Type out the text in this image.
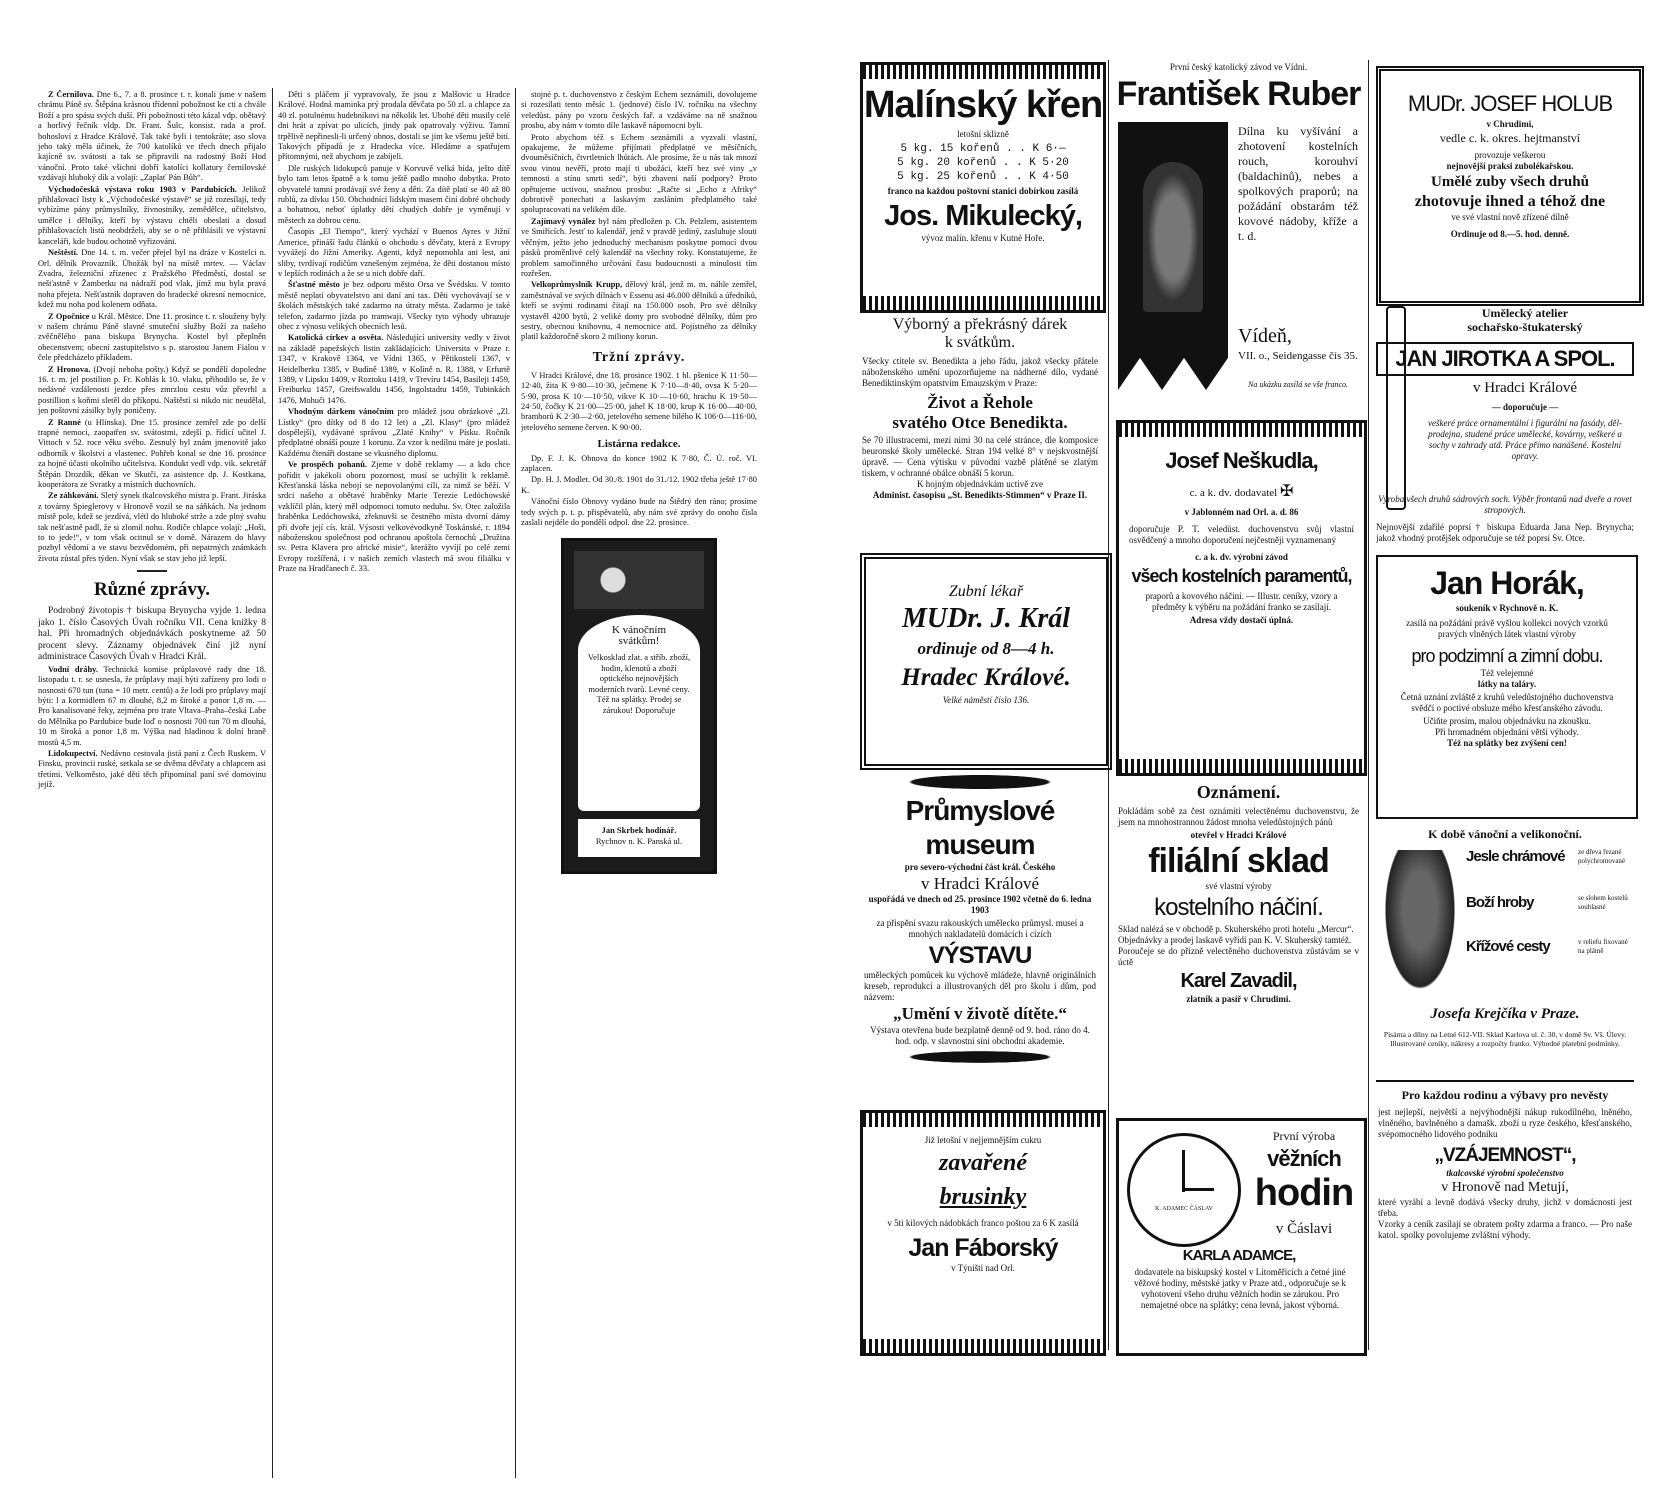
Z Černilova. Dne 6., 7. a 8. prosince t. r. konali jsme v našem chrámu Páně sv. Štěpána krásnou třídenní pobožnost ke cti a chvále Boží a pro spásu svých duší. Při pobožnosti této kázal vdp. obětavý a horlivý řečník vldp. Dr. Frant. Šulc, konsist. rada a prof. bohosloví z Hradce Králové. Tak také byli i tentokráte; aso slova jeho taký měla účinek, že 700 katolíků ve třech dnech přijalo kajícně sv. svátosti a tak se připravili na radostný Boží Hod vánoční. Proto také všichni dobří katolíci kollatury černilovské vzdávají hluboký dík a volají: „Zaplať Pán Bůh“.

Východočeská výstava roku 1903 v Pardubicích. Jelikož přihlašovací listy k „Východočeské výstavě“ se již rozesílají, tedy vybízíme pány průmyslníky, živnostníky, zemědělce, učitelstvo, umělce i dělníky, kteří by výstavu chtěli obeslati a dosud přihlašovacích listů neobdrželi, aby se o ně přihlásili ve výstavní kanceláři, kde budou ochotně vyřizováni.

Neštěstí. Dne 14. t. m. večer přejel byl na dráze v Kostelci n. Orl. dělník Provazník. Úbožák byl na místě mrtev. — Václav Zvadra, železniční zřízenec z Pražského Předměstí, dostal se nešťastně v Žamberku na nádraží pod vlak, jímž mu byla pravá noha přejeta. Nešťastník dopraven do hradecké okresní nemocnice, kdež mu noha pod kolenem odňata.

Z Opočnice u Král. Městce. Dne 11. prosince t. r. slouženy byly v našem chrámu Páně slavné smuteční služby Boží za našeho zvěčnělého pana biskupa Brynycha. Kostel byl přeplněn obecenstvem; obecní zastupitelstvo s p. starostou Janem Fialou v čele předcházelo příkladem.

Z Hronova. (Dvojí neboha pošty.) Když se pondělí dopoledne 16. t. m. jel postilion p. Fr. Koblás k 10. vlaku, přihodilo se, že v nedávné vzdálenosti jezdce přes zmrzlou cestu vůz převrhl a postillion s koňmi sletěl do příkopu. Naštěstí si nikdo nic neudělal, jen poštovní zásilky byly poničeny.

Z Ranné (u Hlinska). Dne 15. prosince zemřel zde po delší trapné nemoci, zaopatřen sv. svátostmi, zdejší p. řídící učitel J. Vittoch v 52. roce věku svého. Zesnulý byl znám jmenovitě jako odborník v školství a vlastenec. Pohřeb konal se dne 16. prosince za hojné účasti okolního učitelstva. Kondukt vedl vdp. vik. sekretář Štěpán Drozdík, děkan ve Skutči, za asistence dp. J. Kostkana, kooperátora ze Svratky a místních duchovních.

Ze záhkování. Sletý synek tkalcovského mistra p. Frant. Jiráska z továrny Spieglerovy v Hronově vozil se na sáňkách. Na jednom místě pole, kdež se jezdívá, vlétl do hluboké strže a zde plný svahu tak nešťastně padl, že si zlomil nohu. Rodiče chlapce volají: „Hoši, to to jede!“, v tom však ocitnul se v domě. Nárazem do hlavy pozbyl vědomí a ve stavu bezvědomém, při nepatrných známkách života zůstal přes týden. Nyní však se stav jeho již lepší.

Různé zprávy.

Podrobný životopis † biskupa Brynycha vyjde 1. ledna jako 1. číslo Časových Úvah ročníku VII. Cena knížky 8 hal. Při hromadných objednávkách poskytneme až 50 procent slevy. Záznamy objednávek činí již nyní administrace Časových Úvah v Hradci Král.

Vodní dráhy. Technická komise průplavové rady dne 18. listopadu t. r. se usnesla, že průplavy mají býti zařízeny pro lodi o nosnosti 670 tun (tuna = 10 metr. centů) a že lodi pro průplavy mají býti: l a kormidlem 67 m dlouhé, 8,2 m široké a ponor 1,8 m. — Pro kanalisované řeky, zejména pro trate Vltava–Praha–česká Labe do Mělníka po Pardubice bude loď o nosnosti 700 tun 70 m dlouhá, 10 m široká a ponor 1,8 m. Výška nad hladinou k dolní hraně mostů 4,5 m.

Lidokupectví. Nedávno cestovala jistá paní z Čech Ruskem. V Finsku, provincii ruské, setkala se se dvěma děvčaty a chlapcem asi třetími. Velkoměsto, jaké dětí těch připomínal paní své domovinu jejíž.

Děti s pláčem jí vypravovaly, že jsou z Malšovic u Hradce Králové. Hodná maminka prý prodala děvčata po 50 zl. a chlapce za 40 zl. potulnému hudebníkovi na několik let. Ubohé děti musily celé dni hrát a zpívat po ulicích, jindy pak opatrovaly výživu. Tamní trpělivě nepřinesli-li určený obnos, dostali se jim ke všemu ještě bití. Takových případů je z Hradecka více. Hledáme a spatřujem přítomnými, než abychom je zabíjeli.

Dle ruských lidokupců panuje v Korvuvě velká bída, ješto dítě bylo tam letos špatně a k tomu ještě padlo mnoho dobytka. Proto obyvatelé tamní prodávají své ženy a děti. Za dítě platí se 40 až 80 rublů, za dívku 150. Obchodníci lidským masem činí dobré obchody a bohatnou, neboť úplatky dětí chudých dobře je vyměnují v městech za dobrou cenu.

Časopis „El Tiempo“, který vychází v Buenos Ayres v Jižní Americe, přináší řadu článků o obchodu s děvčaty, která z Evropy vyvážejí do Jižní Ameriky. Agenti, když nepomohla ani lest, ani sliby, tvrdívají rodičům vznešeným zejména, že děti dostanou místo v lepších rodinách a že se u nich dobře daří.

Šťastné město je bez odporu město Orsa ve Švédsku. V tomto městě neplatí obyvatelstvo ani daní ani tax. Děti vychovávají se v školách městských také zadarmo na útraty města. Zadarmo je také telefon, zadarmo jízda po tramwaji. Všecky tyto výhody ubrazuje obec z výnosu velikých obecních lesů.

Katolická církev a osvěta. Následující university vedly v život na základě papežských listin zakládajících: Universita v Praze r. 1347, v Krakově 1364, ve Vídni 1365, v Pětikostelí 1367, v Heidelberku 1385, v Budíně 1389, v Kolíně n. R. 1388, v Erfurtě 1389, v Lipsku 1409, v Roztoku 1419, v Trevíru 1454, Basileji 1459, Freiburku 1457, Greifswaldu 1456, Ingolstadtu 1459, Tubinkách 1476, Mohuči 1476.

Vhodným dárkem vánočním pro mládež jsou obrázkové „Zl. Lístky“ (pro dítky od 8 do 12 let) a „Zl. Klasy“ (pro mládež dospělejší), vydávané správou „Zlaté Knihy“ v Písku. Ročník předplatné obnáší pouze 1 korunu. Za vzor k nedílnu máte je poslati. Každému čtenáři dostane se vkusného diplomu.

Ve prospěch pohanů. Zjeme v době reklamy — a kdo chce pořídit v jakékoli oboru pozornost, musí se uchýlit k reklamě. Křesťanská láska nebojí se nepovolanými cíli, za nimž se běží. V srdci našeho a obětavé hraběnky Marie Terezie Ledóchowské vzklíčil plán, který měl odpomoci tomuto neduhu. Sv. Otec založila hraběnka Ledóchowská, zřeknuvši se čestného místa dvorní dámy při dvoře její cís. král. Výsosti velkovévodkyně Toskánské, r. 1894 náboženskou společnost pod ochranou apoštola černochů „Družina sv. Petra Klavera pro africké misie“, kterážto vyvíjí po celé zemi Evropy rozšířená, i v našich zemích vlastech má svou filiálku v Praze na Hradčanech č. 33.

stojné p. t. duchovenstvo z českým Echem seznámili, dovolujeme si rozesílati tento měsíc 1. (jednové) číslo IV. ročníku na všechny veledůst. pány po vzoru českých fař. a vzdáváme na ně snažnou prosbu, aby nám v tomto díle laskavě nápomocni byli.

Proto abychom též s Echem seznámili a vyzvali vlastní, opakujeme, že můžeme přijímati předplatné ve měsíčních, dvouměsíčních, čtvrtletních lhůtách. Ale prosíme, že u nás tak mnozí svou vinou nevěří, proto mají ti ubožáci, kteří bez své viny „v temnosti a stínu smrti sedí“, býti zbaveni naší podpory? Proto opětujeme uctivou, snažnou prosbu: „Račte si „Echo z Afriky“ dobrotivě ponechati a laskavým zasláním předplatného také spolupracovati na velikém díle.

Zajímavý vynález byl nám předložen p. Ch. Pelzlem, asistentem ve Smiřicích. Jestť to kalendář, jenž v pravdě jediný, zasluhuje slouti věčným, ježto jeho jednoduchý mechanism poskytne pomocí dvou pásků proměnlivé celý kalendář na všechny roky. Konstatujeme, že problem samočinného určování času budoucnosti a minulosti tím rozřešen.

Velkoprůmyslník Krupp, dělový král, jenž m. m. náhle zemřel, zaměstnával ve svých dílnách v Essenu asi 46.000 dělníků a úředníků, kteří se svými rodinami čítají na 150.000 osob. Pro své dělníky vystavěl 4200 bytů, 2 veliké domy pro svobodné dělníky, dům pro sestry, obecnou knihovnu, 4 nemocnice atd. Pojistného za dělníky platil každoročně skoro 2 miliony korun.

Tržní zprávy.

V Hradci Králové, dne 18. prosince 1902. 1 hl. pšenice K 11·50—12·40, žita K 9·80—10·30, ječmene K 7·10—8·40, ovsa K 5·20—5·90, prosa K 10·—10·50, vikve K 10·—10·60, hrachu K 19·50—24·50, čočky K 21·00—25·00, jahel K 18·00, krup K 16·00—40·00, bramborů K 2·30—2·60, jetelového semene bílého K 106·0—116·00, jetelového semene červen. K 90·00.

Listárna redakce.

Dp. F. J. K. Obnova do konce 1902 K 7·80, Č. Ú. roč. VI. zaplacen.

Dp. H. J. Modlet. Od 30./8. 1901 do 31./12. 1902 třeba ještě 17·80 K.

Vánoční číslo Obnovy vydáno bude na Štědrý den ráno; prosíme tedy svých p. t. p. přispěvatelů, aby nám své zprávy do onoho čísla zaslali nejdéle do pondělí odpol. dne 22. prosince.

K vánočním
svátkům!
Velkosklad zlat. a stříb. zboží, hodin, klenotů a zboží optického nejnovějších moderních tvarů. Levné ceny. Též na splátky. Prodej se zárukou! Doporučuje
Jan Skrbek hodinář.
Rychnov n. K. Panská ul.
Malínský křen
letošní sklizně
5 kg. 15 kořenů . . K 6·—
5 kg. 20 kořenů . . K 5·20
5 kg. 25 kořenů . . K 4·50
franco na každou poštovní stanici dobírkou zasílá
Jos. Mikulecký,
vývoz malín. křenu v Kutné Hoře.
Výborný a překrásný dárek
k svátkům.
Všecky ctitele sv. Benedikta a jeho řádu, jakož všecky přátele náboženského umění upozorňujeme na nádherné dílo, vydané Benediktinským opatstvím Emauzským v Praze:
Život a Řehole
svatého Otce Benedikta.
Se 70 illustracemi, mezi nimi 30 na celé stránce, dle komposice beuronské školy umělecké. Stran 194 velké 8° v nejskvostnější úpravě. — Cena výtisku v původní vazbě plátěné se zlatým tiskem, v ochranné obálce obnáší 5 korun.
K hojným objednávkám uctivě zve
Administ. časopisu „St. Benedikts-Stimmen“ v Praze II.
Zubní lékař
MUDr. J. Král
ordinuje od 8—4 h.
Hradec Králové.
Velké náměstí číslo 136.
Průmyslové museum
pro severo-východní část král. Českého
v Hradci Králové
uspořádá ve dnech od 25. prosince 1902 včetně do 6. ledna 1903
za přispění svazu rakouských umělecko průmysl. museí a mnohých nakladatelů domácích i cizích
VÝSTAVU
uměleckých pomůcek ku výchově mládeže, hlavně originálních kreseb, reprodukcí a illustrovaných děl pro školu i dům, pod názvem:
„Umění v životě dítěte.“
Výstava otevřena bude bezplatně denně od 9. hod. ráno do 4. hod. odp. v slavnostní síni obchodní akademie.
Již letošní v nejjemnějším cukru
zavařené
brusinky
v 5ti kilových nádobkách franco poštou za 6 K zasílá
Jan Fáborský
v Týništi nad Orl.
První český katolický závod ve Vídni.
František Ruber
Dílna ku vyšívání a zhotovení kostelních rouch, korouhví (baldachinů), nebes a spolkových praporů; na požádání obstarám též kovové nádoby, kříže a t. d.
Vídeň,
VII. o., Seidengasse čís 35.
Na ukázku zasílá se vše franco.
Josef Neškudla,
c. a k. dv. dodavatel ✠
v Jablonném nad Orl. a. d. 86
doporučuje P. T. veledůst. duchovenstvu svůj vlastní osvědčený a mnoho doporučení nejčestněji vyznamenaný
c. a k. dv. výrobní závod
všech kostelních paramentů,
praporů a kovového náčiní. — Illustr. ceníky, vzory a předměty k výběru na požádání franko se zasílají.
Adresa vždy dostačí úplná.
Oznámení.
Pokládám sobě za čest oznámiti velectěnému duchovenstvu, že jsem na mnohostrannou žádost mnoha veledůstojných pánů
otevřel v Hradci Králové
filiální sklad
své vlastní výroby
kostelního náčiní.
Sklad nalézá se v obchodě p. Skuherského proti hotelu „Mercur“.
Objednávky a prodej laskavě vyřídí pan K. V. Skuherský tamtéž.
Poroučeje se do přízně velectěného duchovenstva zůstávám se v úctě
Karel Zavadil,
zlatník a pasíř v Chrudimi.
K. ADAMEC ČÁSLAV
První výroba
věžních
hodin
v Čáslavi
KARLA ADAMCE,
dodavatele na biskupský kostel v Litoměřicích a četné jiné věžové hodiny, městské jatky v Praze atd., odporučuje se k vyhotovení všeho druhu věžních hodin se zárukou. Pro nemajetné obce na splátky; cena levná, jakost výborná.
MUDr. JOSEF HOLUB
v Chrudimi,
vedle c. k. okres. hejtmanství
provozuje veškerou
nejnovější praksi zubolékařskou.
Umělé zuby všech druhů
zhotovuje ihned a téhož dne
ve své vlastní nově zřízené dílně
Ordinuje od 8.—5. hod. denně.
Umělecký atelier
sochařsko-štukaterský
JAN JIROTKA A SPOL.
v Hradci Králové
— doporučuje —
veškeré práce ornamentální i figurální na fasády, děl- prodejna, studené práce umělecké, kovárny, veškeré a sochy v zahrady atd. Práce přímo nanášené. Kostelní opravy.
Výroba všech druhů sádrových soch. Výběr frontanů nad dveře a rovet stropových.
Nejnovější zdařilé poprsí † biskupa Eduarda Jana Nep. Brynycha; jakož vhodný protějšek odporučuje se též poprsí Sv. Otce.
Jan Horák,
soukeník v Rychnově n. K.
zasílá na požádání právě vyšlou kollekci nových vzorků pravých vlněných látek vlastní výroby
pro podzimní a zimní dobu.
Též velejemné
látky na taláry.
Četná uznání zvláště z kruhů veledůstojného duchovenstva svědčí o poctivé obsluze mého křesťanského závodu.
Učiňte prosím, malou objednávku na zkoušku.
Při hromadném objednání větší výhody.
Též na splátky bez zvýšení cen!
K době vánoční a velikonoční.
Jesle chrámové
Boží hroby
Křížové cesty
ze dřeva řezané polychromované
se slohem kostelů souhlasné
v reliefu fixované na plátně
Josefa Krejčíka v Praze.
Písárna a dílny na Letné 612-VII. Sklad Karlova ul. č. 30, v domě Sv. Vš. Úlevy. Illustrované ceníky, nákresy a rozpočty franko. Výhodné platební podmínky.
Pro každou rodinu a výbavy pro nevěsty
jest nejlepší, největší a nejvýhodnější nákup rukodílného, lněného, vlněného, bavlněného a damašk. zboží u ryze českého, křesťanského, svépomocného lidového podniku
„VZÁJEMNOST“,
tkalcovské výrobní společenstvo
v Hronově nad Metují,
které vyrábí a levně dodává všecky druhy, jichž v domácnosti jest třeba.
Vzorky a ceník zasílají se obratem pošty zdarma a franco. — Pro naše katol. spolky povolujeme zvláštní výhody.
